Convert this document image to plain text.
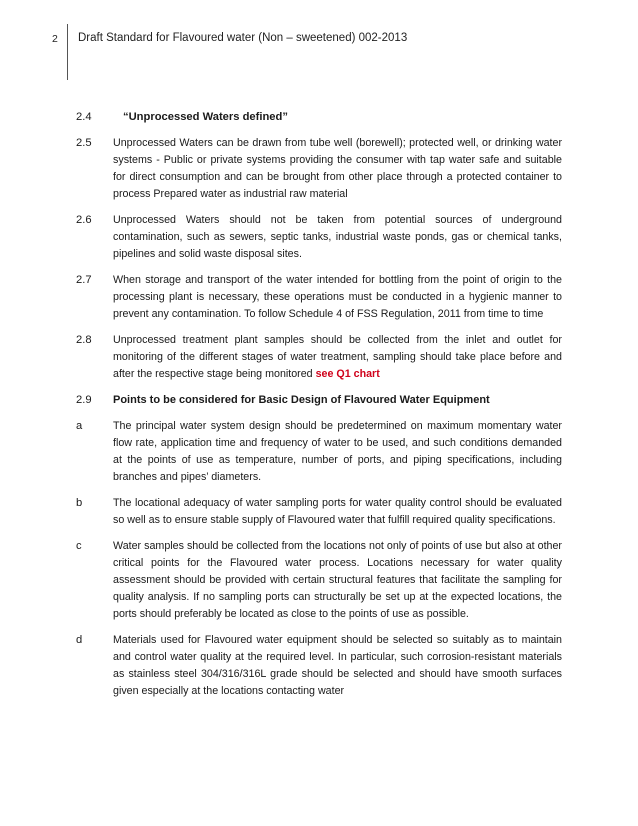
2 Draft Standard for Flavoured water (Non – sweetened) 002-2013
2.4	“Unprocessed Waters defined”
2.5	Unprocessed Waters can be drawn from tube well (borewell); protected well, or drinking water systems - Public or private systems providing the consumer with tap water safe and suitable for direct consumption and can be brought from other place through a protected container to process Prepared water as industrial raw material
2.6	Unprocessed Waters should not be taken from potential sources of underground contamination, such as sewers, septic tanks, industrial waste ponds, gas or chemical tanks, pipelines and solid waste disposal sites.
2.7	When storage and transport of the water intended for bottling from the point of origin to the processing plant is necessary, these operations must be conducted in a hygienic manner to prevent any contamination. To follow Schedule 4 of FSS Regulation, 2011 from time to time
2.8	Unprocessed treatment plant samples should be collected from the inlet and outlet for monitoring of the different stages of water treatment, sampling should take place before and after the respective stage being monitored see Q1 chart
2.9	Points to be considered for Basic Design of Flavoured Water Equipment
a	The principal water system design should be predetermined on maximum momentary water flow rate, application time and frequency of water to be used, and such conditions demanded at the points of use as temperature, number of ports, and piping specifications, including branches and pipes’ diameters.
b	The locational adequacy of water sampling ports for water quality control should be evaluated so well as to ensure stable supply of Flavoured water that fulfill required quality specifications.
c	Water samples should be collected from the locations not only of points of use but also at other critical points for the Flavoured water process. Locations necessary for water quality assessment should be provided with certain structural features that facilitate the sampling for quality analysis. If no sampling ports can structurally be set up at the expected locations, the ports should preferably be located as close to the points of use as possible.
d	Materials used for Flavoured water equipment should be selected so suitably as to maintain and control water quality at the required level. In particular, such corrosion-resistant materials as stainless steel 304/316/316L grade should be selected and should have smooth surfaces given especially at the locations contacting water
